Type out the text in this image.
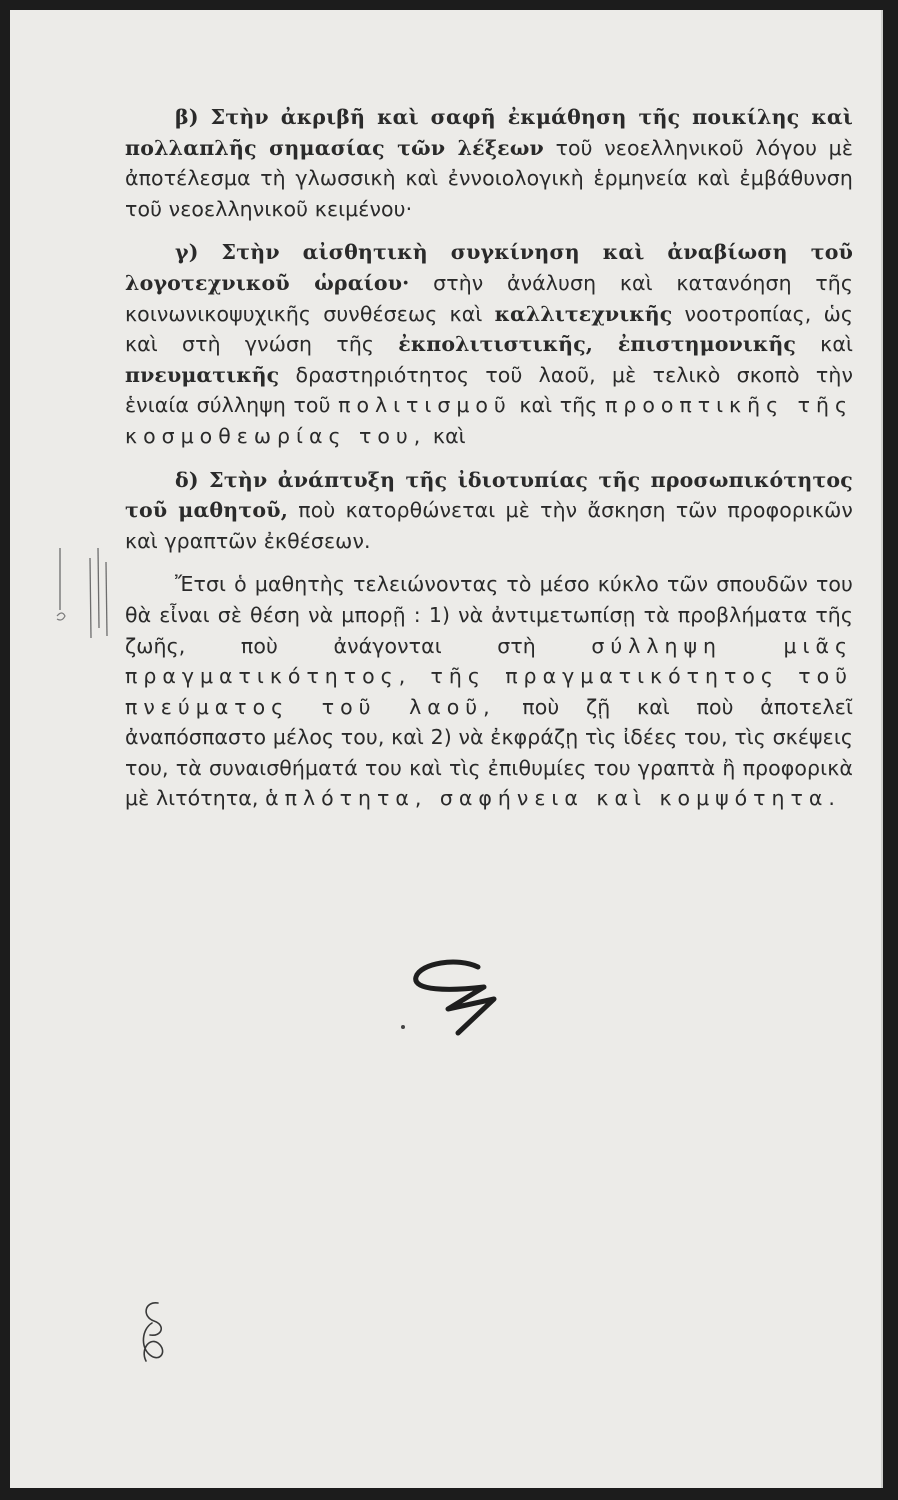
β) Στὴν ἀκριβῆ καὶ σαφῆ ἐκμάθηση τῆς ποικίλης καὶ πολλαπλῆς σημασίας τῶν λέξεων τοῦ νεοελληνικοῦ λόγου μὲ ἀποτέλεσμα τὴ γλωσσικὴ καὶ ἐννοιολογικὴ ἑρμηνεία καὶ ἐμβάθυνση τοῦ νεοελληνικοῦ κειμένου·

γ) Στὴν αἰσθητικὴ συγκίνηση καὶ ἀναβίωση τοῦ λογοτεχνικοῦ ὡραίου· στὴν ἀνάλυση καὶ κατανόηση τῆς κοινωνικοψυχικῆς συνθέσεως καὶ καλλιτεχνικῆς νοοτροπίας, ὡς καὶ στὴ γνώση τῆς ἐκπολιτιστικῆς, ἐπιστημονικῆς καὶ πνευματικῆς δραστηριότητος τοῦ λαοῦ, μὲ τελικὸ σκοπὸ τὴν ἑνιαία σύλληψη τοῦ πολιτισμοῦ καὶ τῆς προοπτικῆς τῆς κοσμοθεωρίας του, καὶ

δ) Στὴν ἀνάπτυξη τῆς ἰδιοτυπίας τῆς προσωπικότητος τοῦ μαθητοῦ, ποὺ κατορθώνεται μὲ τὴν ἄσκηση τῶν προφορικῶν καὶ γραπτῶν ἐκθέσεων.

Ἔτσι ὁ μαθητὴς τελειώνοντας τὸ μέσο κύκλο τῶν σπουδῶν του θὰ εἶναι σὲ θέση νὰ μπορῇ : 1) νὰ ἀντιμετωπίσῃ τὰ προβλήματα τῆς ζωῆς, ποὺ ἀνάγονται στὴ σύλληψη μιᾶς πραγματικότητος, τῆς πραγματικότητος τοῦ πνεύματος τοῦ λαοῦ, ποὺ ζῇ καὶ ποὺ ἀποτελεῖ ἀναπόσπαστο μέλος του, καὶ 2) νὰ ἐκφράζῃ τὶς ἰδέες του, τὶς σκέψεις του, τὰ συναισθήματά του καὶ τὶς ἐπιθυμίες του γραπτὰ ἢ προφορικὰ μὲ λιτότητα, ἁπλότητα, σαφήνεια καὶ κομψότητα.
